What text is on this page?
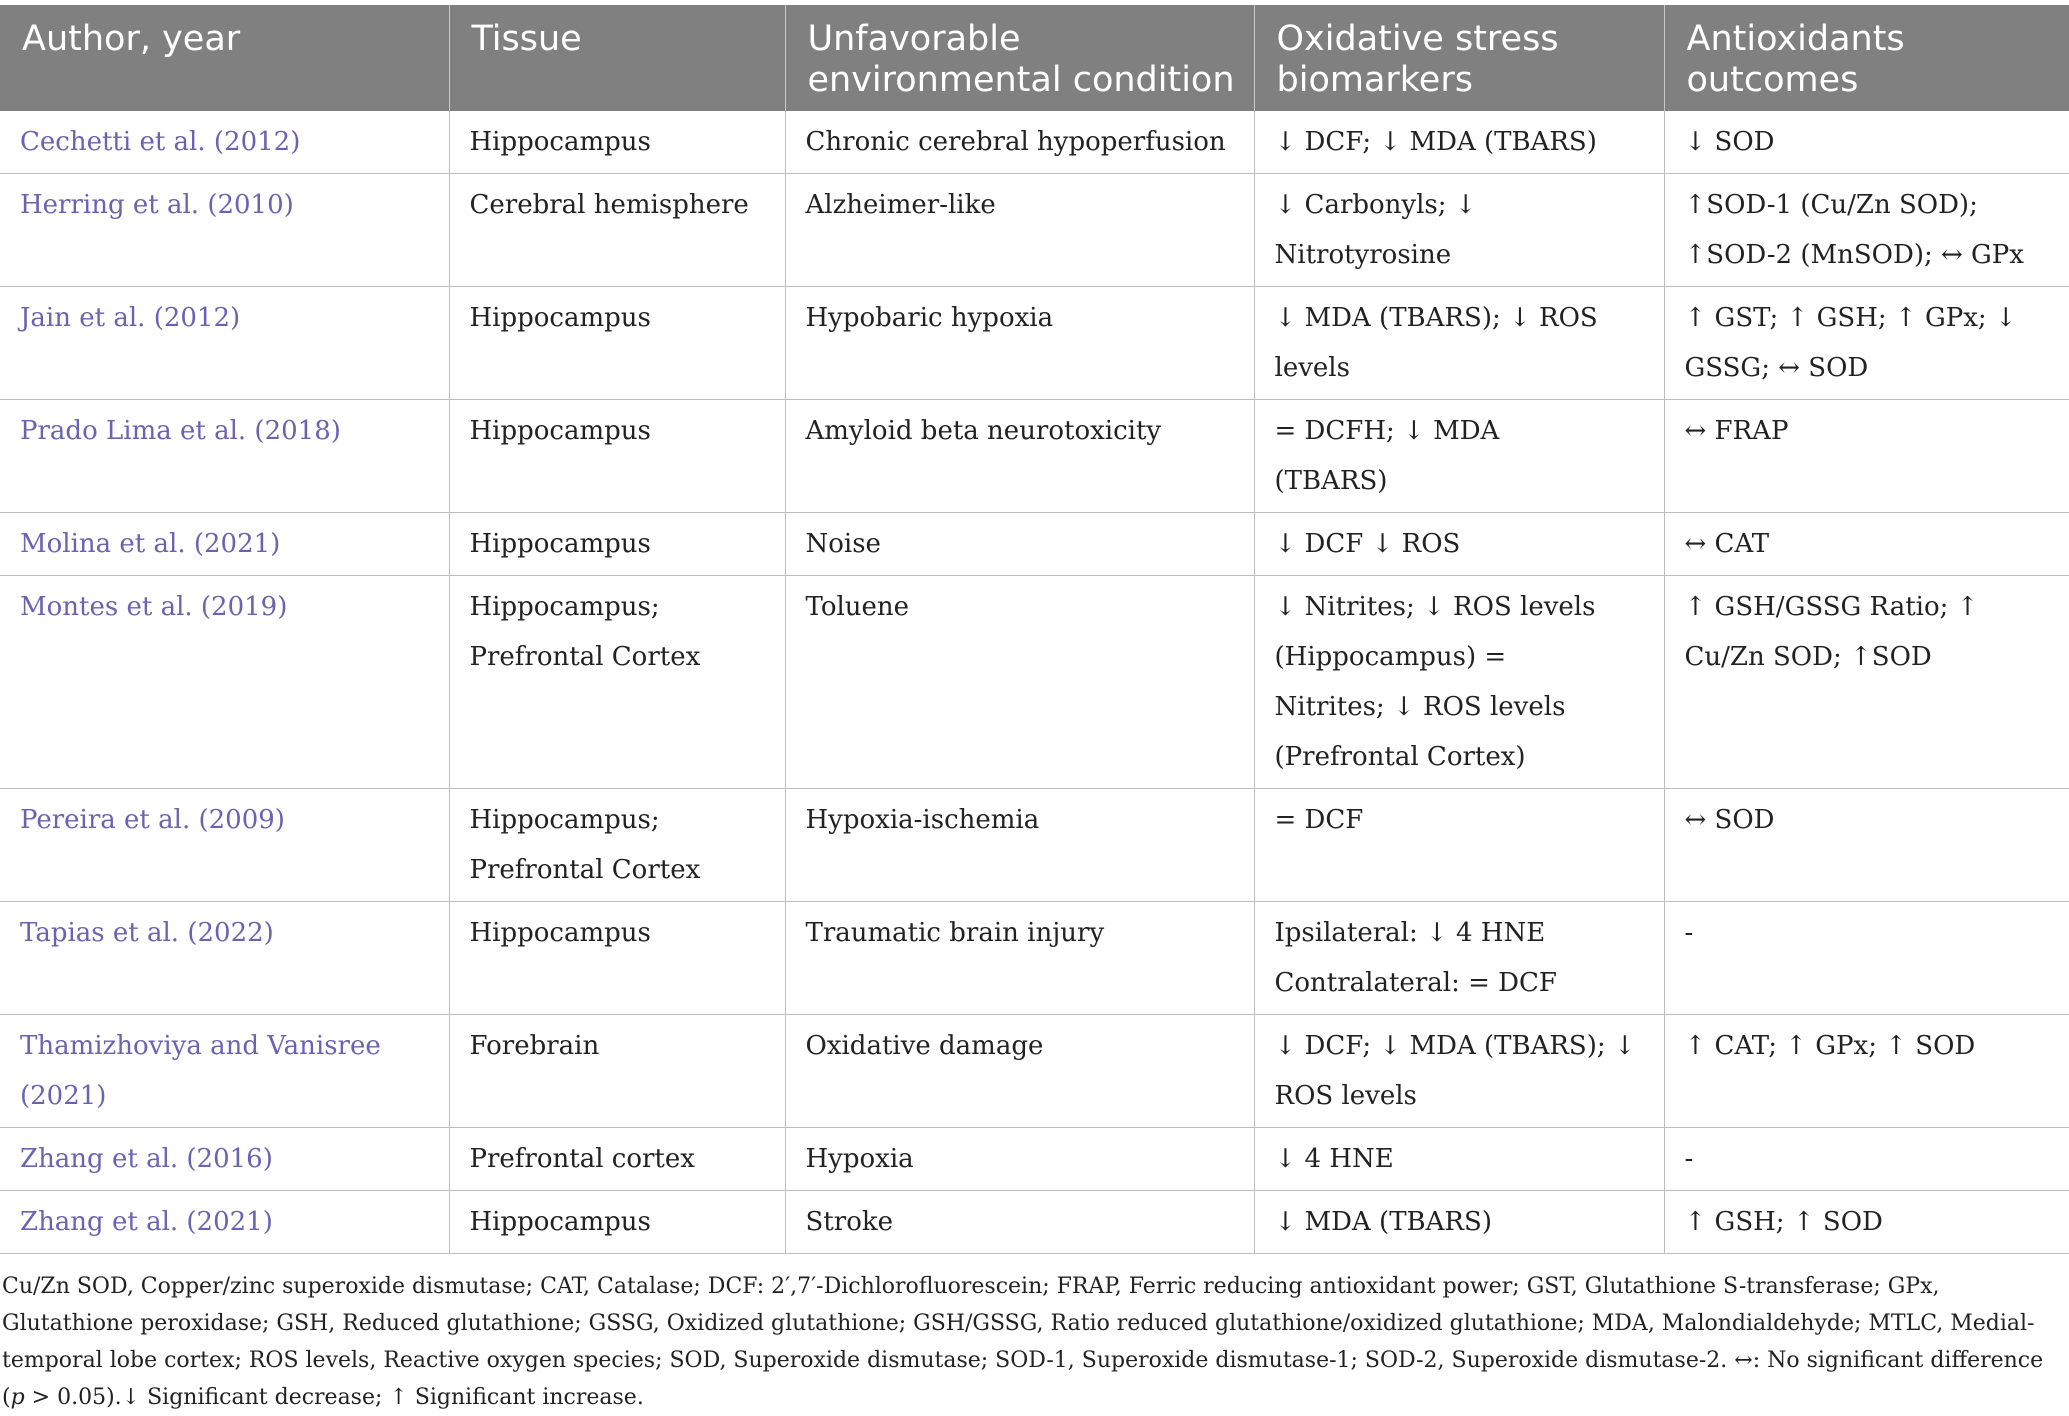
Author, year	Tissue	Unfavorable environmental condition	Oxidative stress biomarkers	Antioxidants outcomes
Cechetti et al. (2012)	Hippocampus	Chronic cerebral hypoperfusion	↓ DCF; ↓ MDA (TBARS)	↓ SOD
Herring et al. (2010)	Cerebral hemisphere	Alzheimer-like	↓ Carbonyls; ↓ Nitrotyrosine	↑SOD-1 (Cu/Zn SOD); ↑SOD-2 (MnSOD); ↔ GPx
Jain et al. (2012)	Hippocampus	Hypobaric hypoxia	↓ MDA (TBARS); ↓ ROS levels	↑ GST; ↑ GSH; ↑ GPx; ↓ GSSG; ↔ SOD
Prado Lima et al. (2018)	Hippocampus	Amyloid beta neurotoxicity	= DCFH; ↓ MDA (TBARS)	↔ FRAP
Molina et al. (2021)	Hippocampus	Noise	↓ DCF ↓ ROS	↔ CAT
Montes et al. (2019)	Hippocampus; Prefrontal Cortex	Toluene	↓ Nitrites; ↓ ROS levels (Hippocampus) = Nitrites; ↓ ROS levels (Prefrontal Cortex)	↑ GSH/GSSG Ratio; ↑ Cu/Zn SOD; ↑SOD
Pereira et al. (2009)	Hippocampus; Prefrontal Cortex	Hypoxia-ischemia	= DCF	↔ SOD
Tapias et al. (2022)	Hippocampus	Traumatic brain injury	Ipsilateral: ↓ 4 HNE Contralateral: = DCF	-
Thamizhoviya and Vanisree (2021)	Forebrain	Oxidative damage	↓ DCF; ↓ MDA (TBARS); ↓ ROS levels	↑ CAT; ↑ GPx; ↑ SOD
Zhang et al. (2016)	Prefrontal cortex	Hypoxia	↓ 4 HNE	-
Zhang et al. (2021)	Hippocampus	Stroke	↓ MDA (TBARS)	↑ GSH; ↑ SOD
Cu/Zn SOD, Copper/zinc superoxide dismutase; CAT, Catalase; DCF: 2′,7′-Dichlorofluorescein; FRAP, Ferric reducing antioxidant power; GST, Glutathione S-transferase; GPx, Glutathione peroxidase; GSH, Reduced glutathione; GSSG, Oxidized glutathione; GSH/GSSG, Ratio reduced glutathione/oxidized glutathione; MDA, Malondialdehyde; MTLC, Medial-temporal lobe cortex; ROS levels, Reactive oxygen species; SOD, Superoxide dismutase; SOD-1, Superoxide dismutase-1; SOD-2, Superoxide dismutase-2. ↔: No significant difference (p > 0.05).↓ Significant decrease; ↑ Significant increase.
